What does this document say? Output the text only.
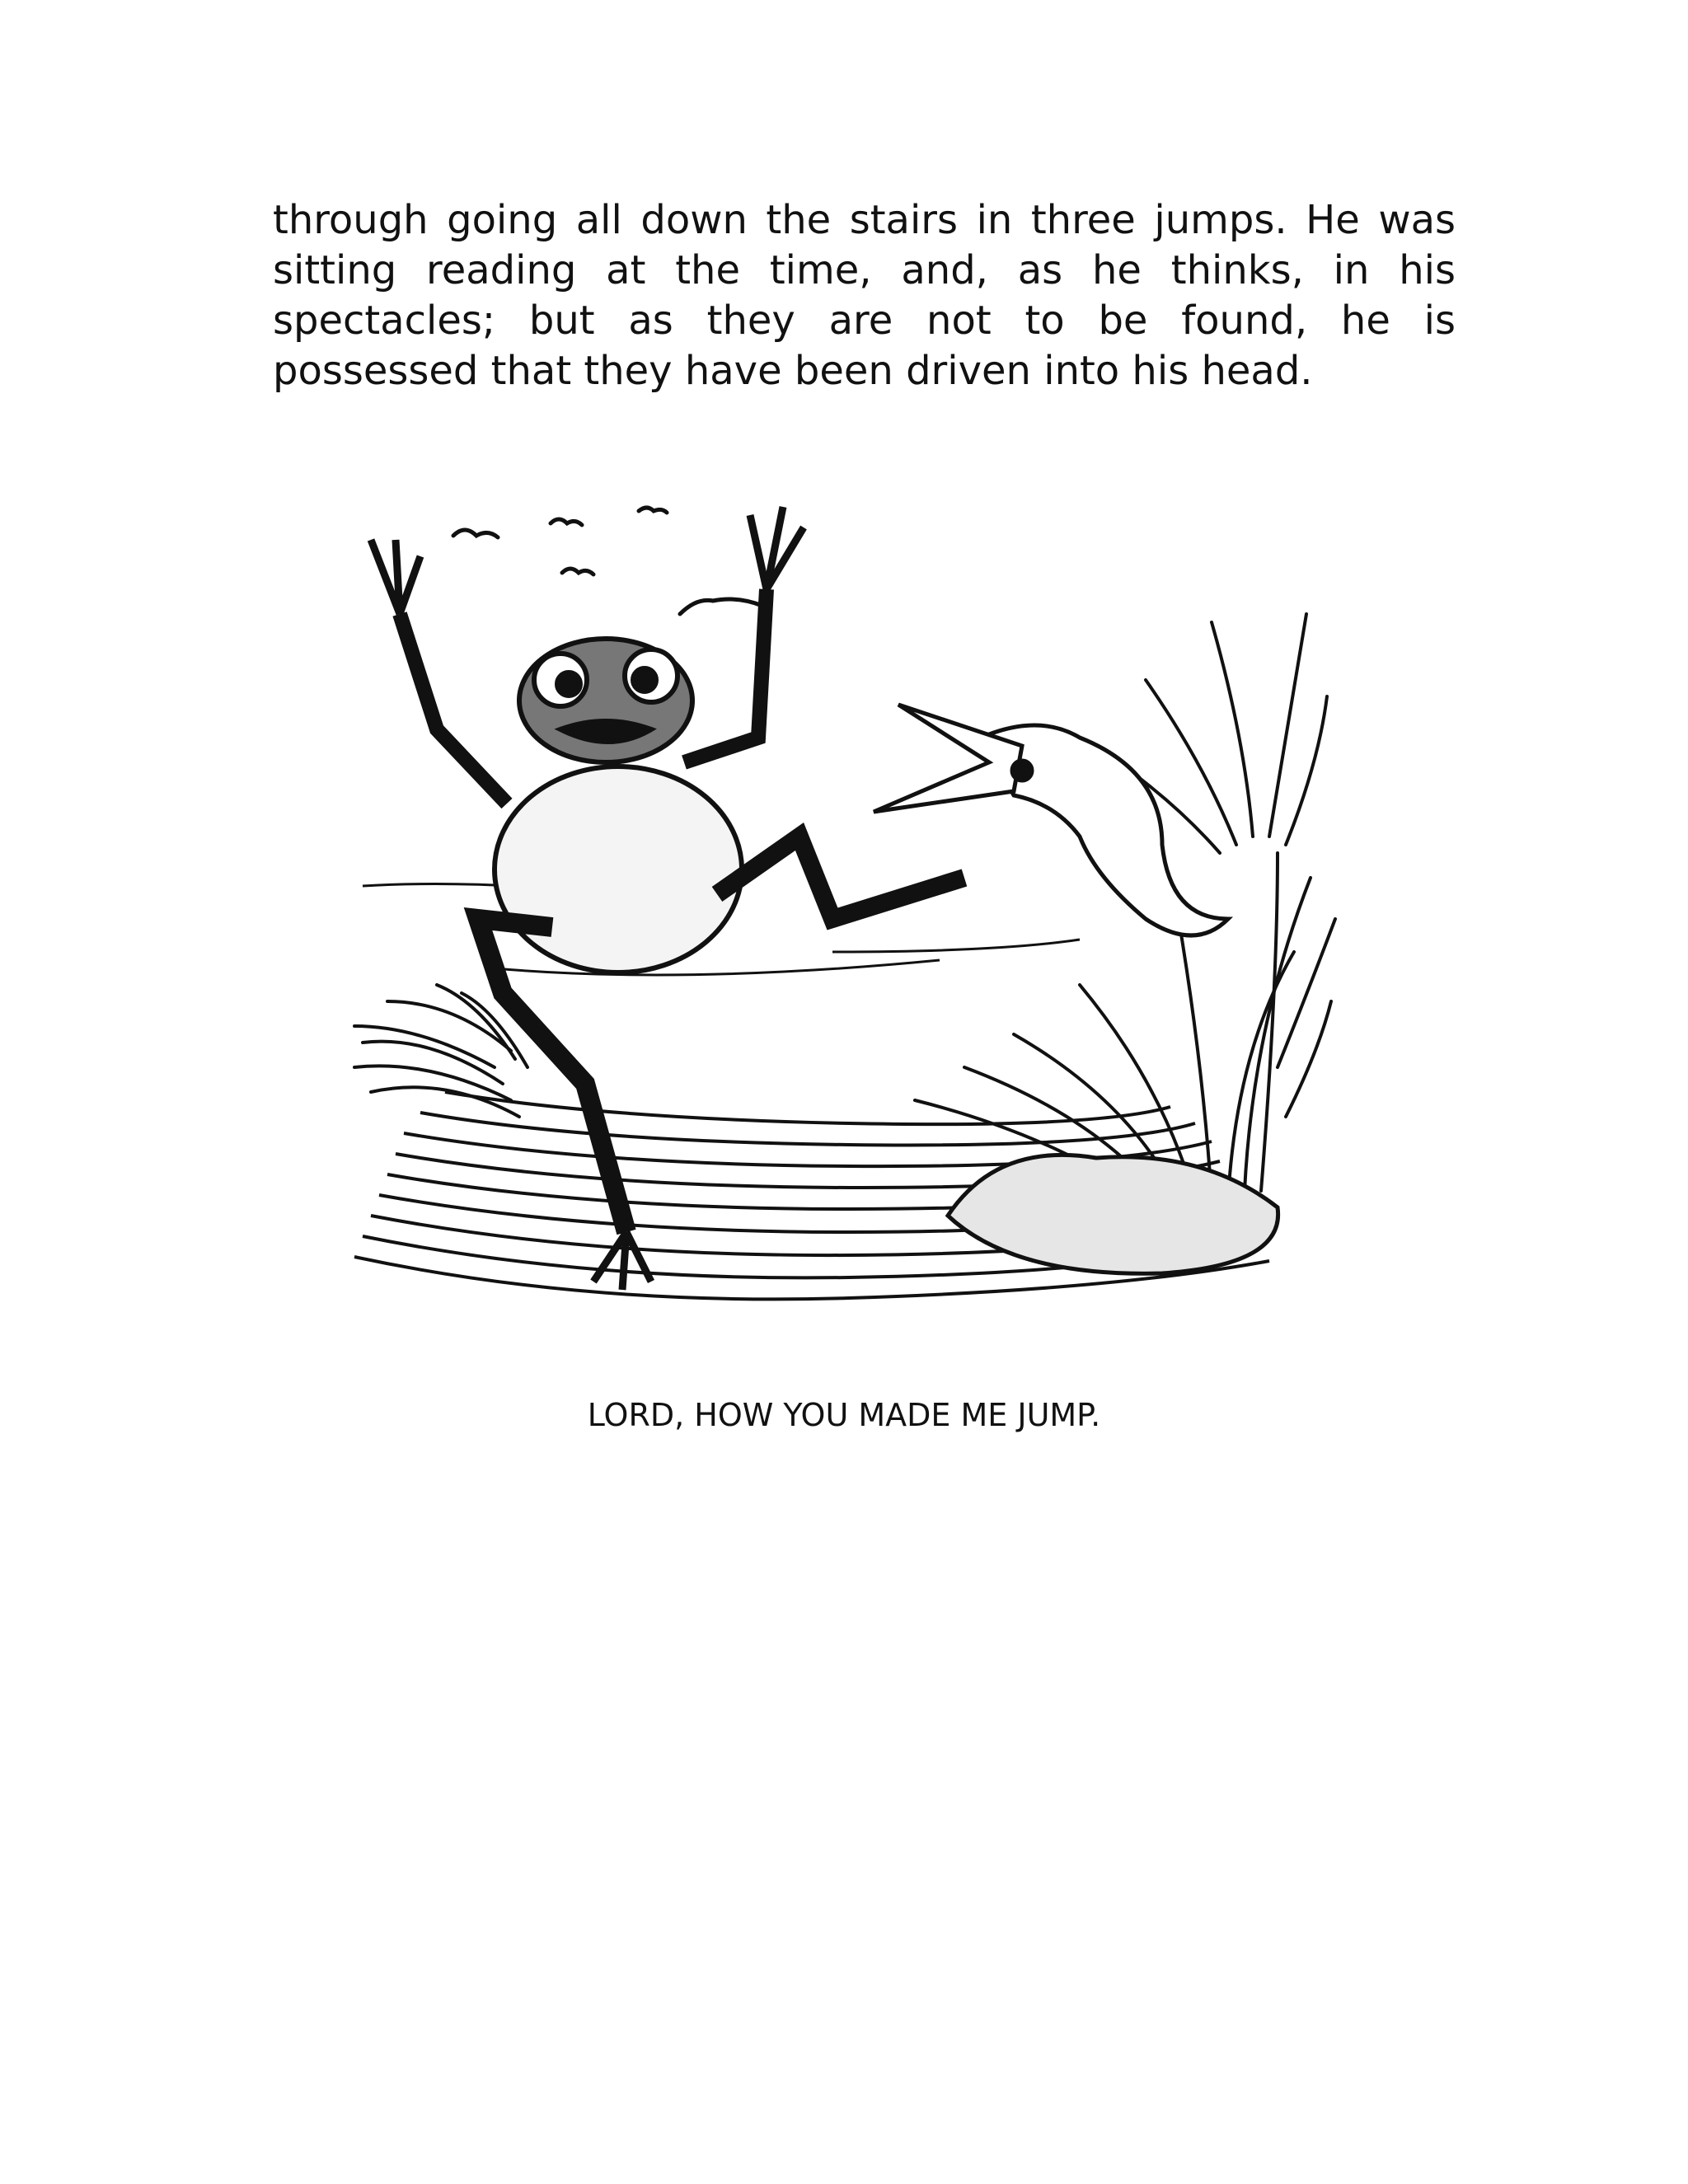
through going all down the stairs in three jumps. He was sitting reading at the time, and, as he thinks, in his spectacles; but as they are not to be found, he is possessed that they have been driven into his head.

LORD, HOW YOU MADE ME JUMP.
